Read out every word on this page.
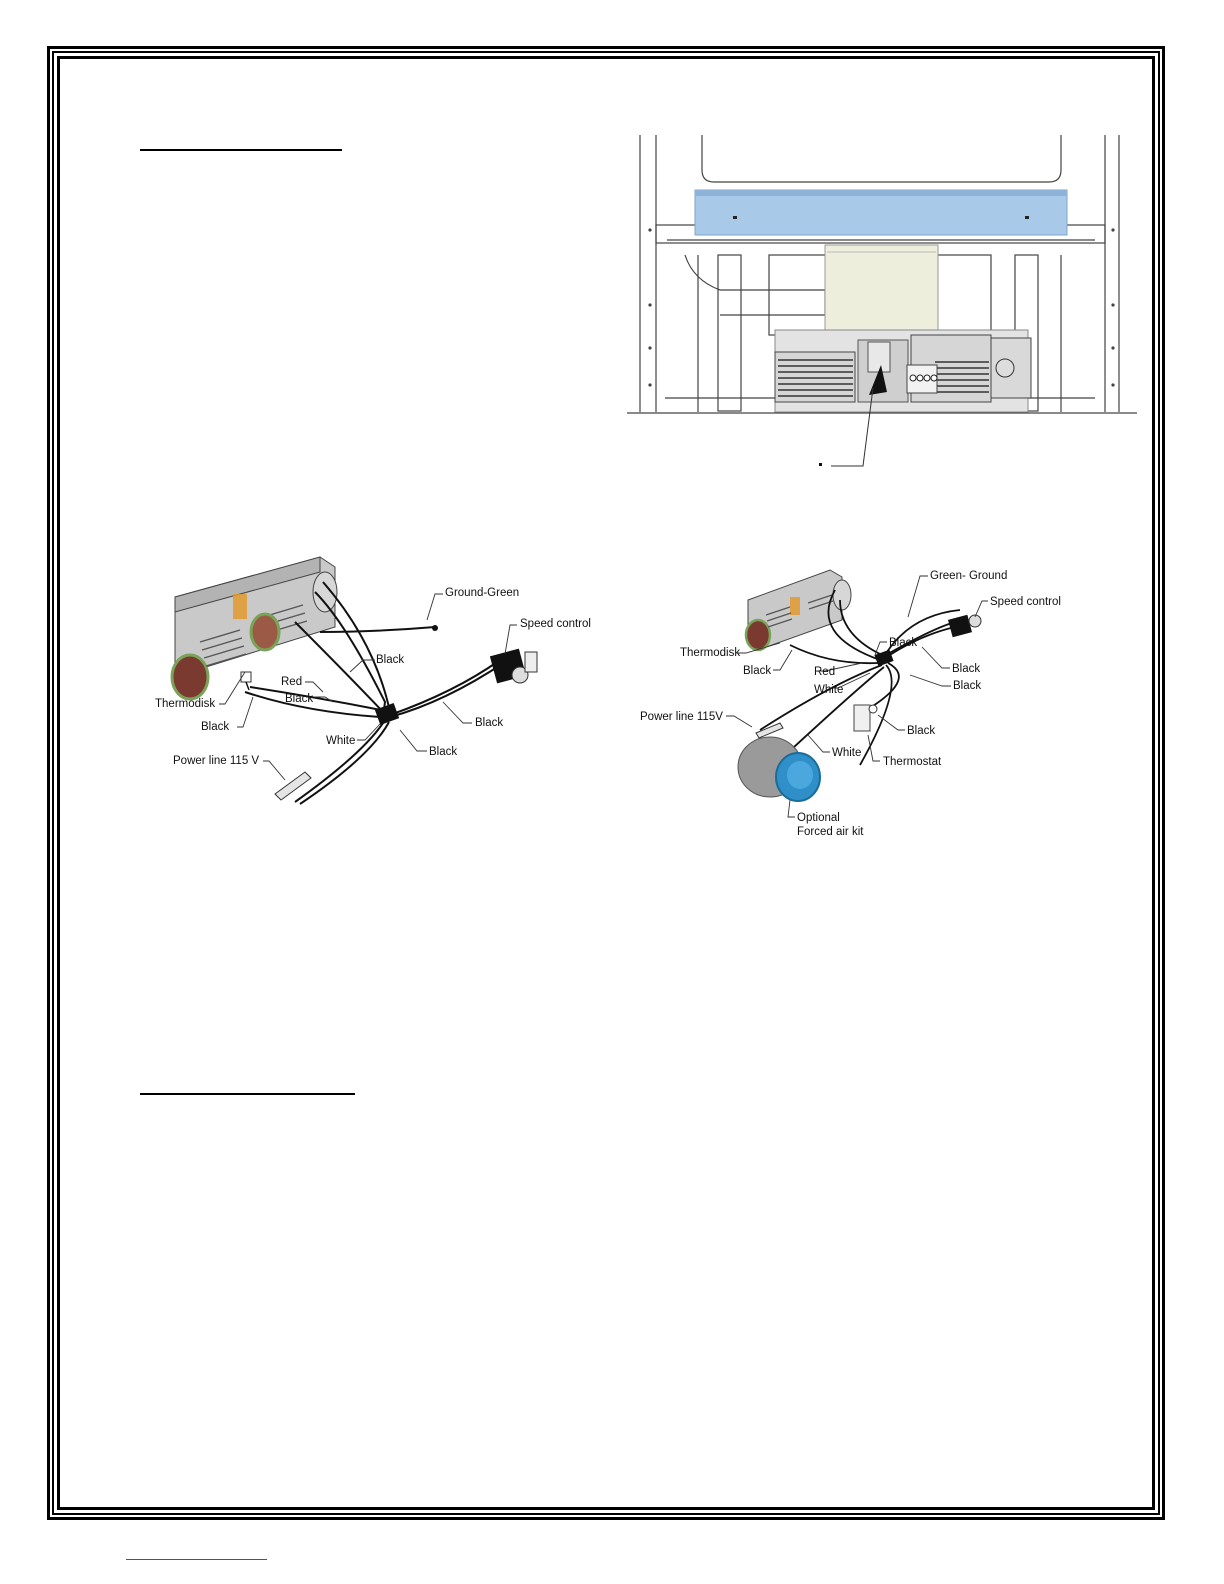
Ground-Green
Speed control
Black
Red
Black
Thermodisk
Black
White
Black
Black
Power line 115 V
Green- Ground
Speed control
Thermodisk
Black
Black	Red
White
Black
Black
Power line 115V
Black
White
Thermostat
Optional
Forced air kit
